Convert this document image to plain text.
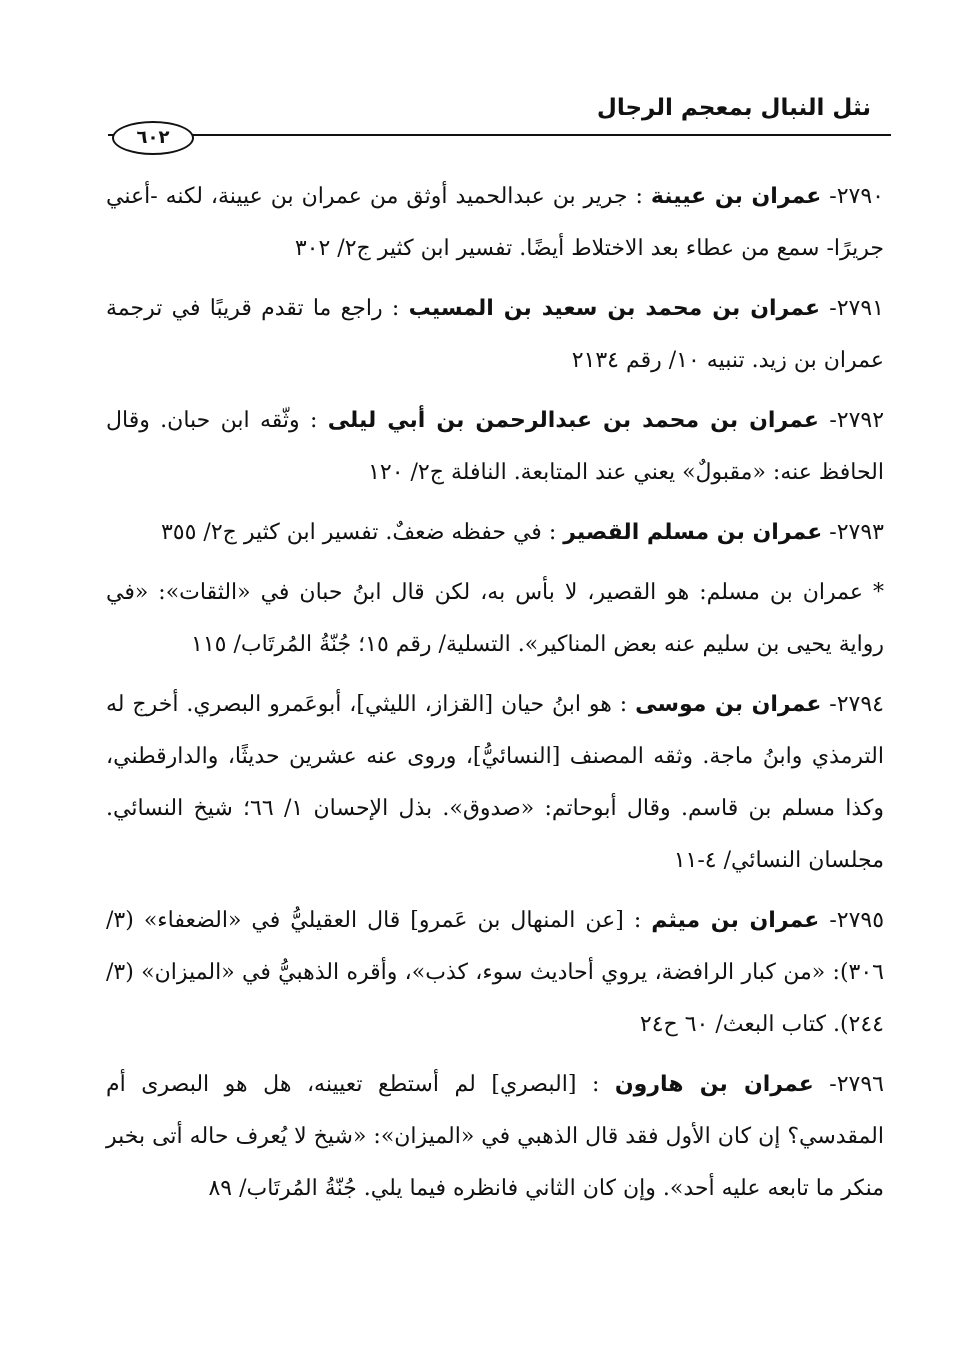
نثل النبال بمعجم الرجال
٦٠٢

٢٧٩٠- عمران بن عيينة : جرير بن عبدالحميد أوثق من عمران بن عيينة، لكنه -أعني جريرًا- سمع من عطاء بعد الاختلاط أيضًا. تفسير ابن كثير ج٢/ ٣٠٢

٢٧٩١- عمران بن محمد بن سعيد بن المسيب : راجع ما تقدم قريبًا في ترجمة عمران بن زيد. تنبيه ١٠/ رقم ٢١٣٤

٢٧٩٢- عمران بن محمد بن عبدالرحمن بن أبي ليلى : وثّقه ابن حبان. وقال الحافظ عنه: «مقبولٌ» يعني عند المتابعة. النافلة ج٢/ ١٢٠

٢٧٩٣- عمران بن مسلم القصير : في حفظه ضعفٌ. تفسير ابن كثير ج٢/ ٣٥٥

* عمران بن مسلم: هو القصير، لا بأس به، لكن قال ابنُ حبان في «الثقات»: «في رواية يحيى بن سليم عنه بعض المناكير». التسلية/ رقم ١٥؛ جُنّةُ المُرتَاب/ ١١٥

٢٧٩٤- عمران بن موسى : هو ابنُ حيان [القزاز، الليثي]، أبوعَمرو البصري. أخرج له الترمذي وابنُ ماجة. وثقه المصنف [النسائيُّ]، وروى عنه عشرين حديثًا، والدارقطني، وكذا مسلم بن قاسم. وقال أبوحاتم: «صدوق». بذل الإحسان ١/ ٦٦؛ شيخ النسائي. مجلسان النسائي/ ٤-١١

٢٧٩٥- عمران بن ميثم : [عن المنهال بن عَمرو] قال العقيليُّ في «الضعفاء» (٣/ ٣٠٦): «من كبار الرافضة، يروي أحاديث سوء، كذب»، وأقره الذهبيُّ في «الميزان» (٣/ ٢٤٤). كتاب البعث/ ٦٠ ح٢٤

٢٧٩٦- عمران بن هارون : [البصري] لم أستطع تعيينه، هل هو البصرى أم المقدسي؟ إن كان الأول فقد قال الذهبي في «الميزان»: «شيخ لا يُعرف حاله أتى بخبر منكر ما تابعه عليه أحد». وإن كان الثاني فانظره فيما يلي. جُنّةُ المُرتَاب/ ٨٩
